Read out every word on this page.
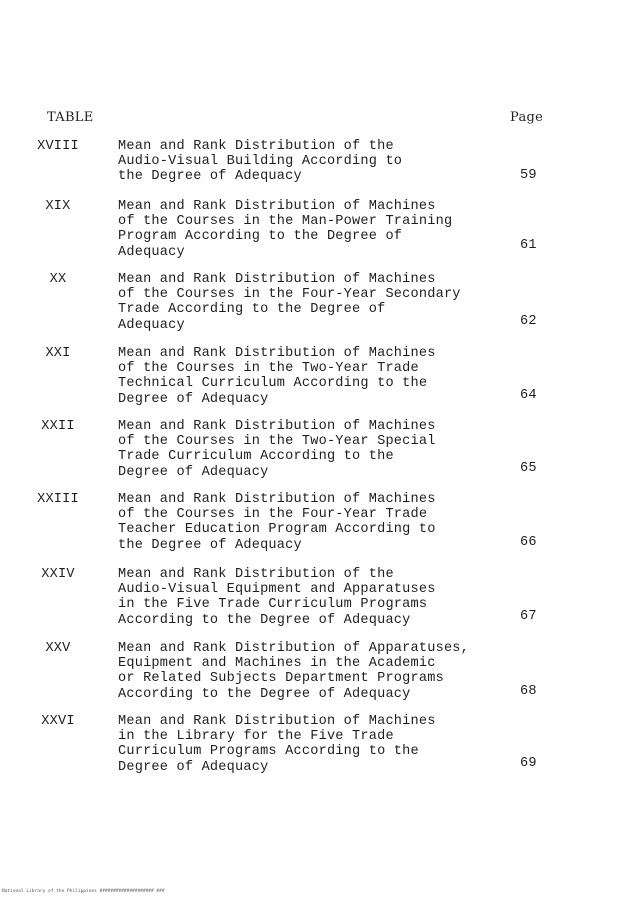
TABLE	Page
XVIII	Mean and Rank Distribution of the
Audio-Visual Building According to
the Degree of Adequacy	59
XIX	Mean and Rank Distribution of Machines
of the Courses in the Man-Power Training
Program According to the Degree of
Adequacy	61
XX	Mean and Rank Distribution of Machines
of the Courses in the Four-Year Secondary
Trade According to the Degree of
Adequacy	62
XXI	Mean and Rank Distribution of Machines
of the Courses in the Two-Year Trade
Technical Curriculum According to the
Degree of Adequacy	64
XXII	Mean and Rank Distribution of Machines
of the Courses in the Two-Year Special
Trade Curriculum According to the
Degree of Adequacy	65
XXIII	Mean and Rank Distribution of Machines
of the Courses in the Four-Year Trade
Teacher Education Program According to
the Degree of Adequacy	66
XXIV	Mean and Rank Distribution of the
Audio-Visual Equipment and Apparatuses
in the Five Trade Curriculum Programs
According to the Degree of Adequacy	67
XXV	Mean and Rank Distribution of Apparatuses,
Equipment and Machines in the Academic
or Related Subjects Department Programs
According to the Degree of Adequacy	68
XXVI	Mean and Rank Distribution of Machines
in the Library for the Five Trade
Curriculum Programs According to the
Degree of Adequacy	69
National Library of the Philippines #################### ###
